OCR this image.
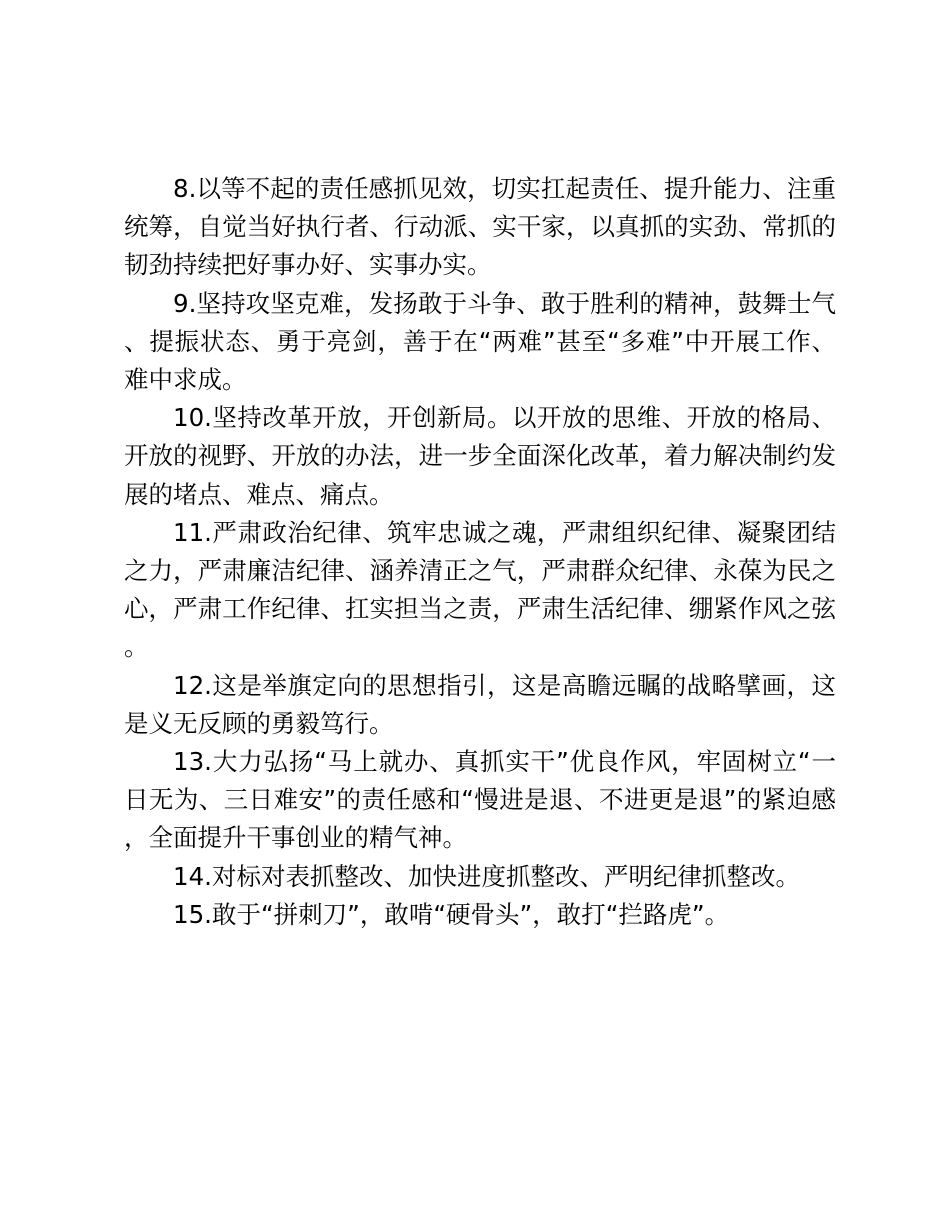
8.以等不起的责任感抓见效，切实扛起责任、提升能力、注重统筹，自觉当好执行者、行动派、实干家，以真抓的实劲、常抓的韧劲持续把好事办好、实事办实。

9.坚持攻坚克难，发扬敢于斗争、敢于胜利的精神，鼓舞士气、提振状态、勇于亮剑，善于在“两难”甚至“多难”中开展工作、难中求成。

10.坚持改革开放，开创新局。以开放的思维、开放的格局、开放的视野、开放的办法，进一步全面深化改革，着力解决制约发展的堵点、难点、痛点。

11.严肃政治纪律、筑牢忠诚之魂，严肃组织纪律、凝聚团结之力，严肃廉洁纪律、涵养清正之气，严肃群众纪律、永葆为民之心，严肃工作纪律、扛实担当之责，严肃生活纪律、绷紧作风之弦。

12.这是举旗定向的思想指引，这是高瞻远瞩的战略擘画，这是义无反顾的勇毅笃行。

13.大力弘扬“马上就办、真抓实干”优良作风，牢固树立“一日无为、三日难安”的责任感和“慢进是退、不进更是退”的紧迫感，全面提升干事创业的精气神。

14.对标对表抓整改、加快进度抓整改、严明纪律抓整改。

15.敢于“拼刺刀”，敢啃“硬骨头”，敢打“拦路虎”。
